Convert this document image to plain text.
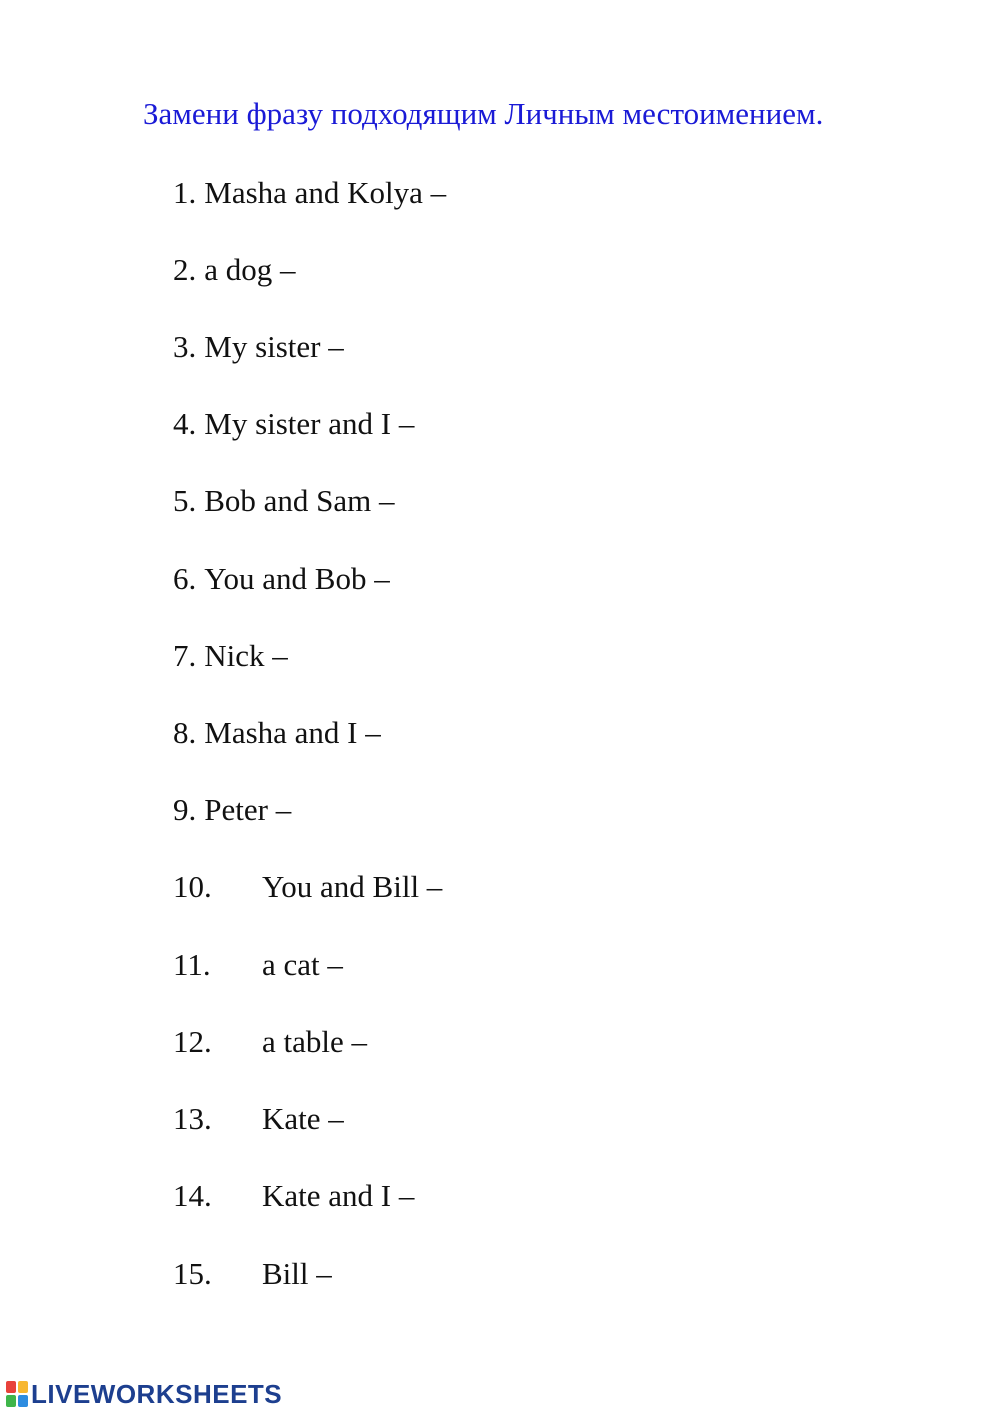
Замени фразу подходящим Личным местоимением.
1. Masha and Kolya –
2. a dog –
3. My sister –
4. My sister and I –
5. Bob and Sam –
6. You and Bob –
7. Nick –
8. Masha and I –
9. Peter –
10. You and Bill –
11. a cat –
12. a table –
13. Kate –
14. Kate and I –
15. Bill –
LIVEWORKSHEETS
